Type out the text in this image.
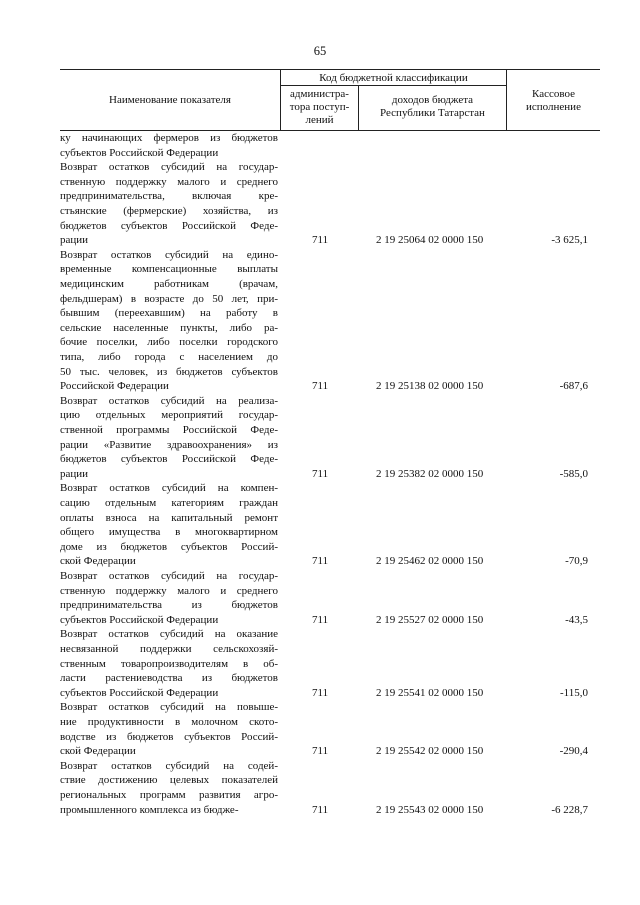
65
Наименование показателя
Код бюджетной классификации
администра-
тора поступ-
лений
доходов бюджета
Республики Татарстан
Кассовое
исполнение
ку начинающих фермеров из бюджетов
субъектов Российской Федерации
Возврат остатков субсидий на государ-
ственную поддержку малого и среднего
предпринимательства, включая кре-
стьянские (фермерские) хозяйства, из
бюджетов субъектов Российской Феде-
рации	711	2 19 25064 02 0000 150	-3 625,1
Возврат остатков субсидий на едино-
временные компенсационные выплаты
медицинским работникам (врачам,
фельдшерам) в возрасте до 50 лет, при-
бывшим (переехавшим) на работу в
сельские населенные пункты, либо ра-
бочие поселки, либо поселки городского
типа, либо города с населением до
50 тыс. человек, из бюджетов субъектов
Российской Федерации	711	2 19 25138 02 0000 150	-687,6
Возврат остатков субсидий на реализа-
цию отдельных мероприятий государ-
ственной программы Российской Феде-
рации «Развитие здравоохранения» из
бюджетов субъектов Российской Феде-
рации	711	2 19 25382 02 0000 150	-585,0
Возврат остатков субсидий на компен-
сацию отдельным категориям граждан
оплаты взноса на капитальный ремонт
общего имущества в многоквартирном
доме из бюджетов субъектов Россий-
ской Федерации	711	2 19 25462 02 0000 150	-70,9
Возврат остатков субсидий на государ-
ственную поддержку малого и среднего
предпринимательства из бюджетов
субъектов Российской Федерации	711	2 19 25527 02 0000 150	-43,5
Возврат остатков субсидий на оказание
несвязанной поддержки сельскохозяй-
ственным товаропроизводителям в об-
ласти растениеводства из бюджетов
субъектов Российской Федерации	711	2 19 25541 02 0000 150	-115,0
Возврат остатков субсидий на повыше-
ние продуктивности в молочном ското-
водстве из бюджетов субъектов Россий-
ской Федерации	711	2 19 25542 02 0000 150	-290,4
Возврат остатков субсидий на содей-
ствие достижению целевых показателей
региональных программ развития агро-
промышленного комплекса из бюдже-	711	2 19 25543 02 0000 150	-6 228,7
